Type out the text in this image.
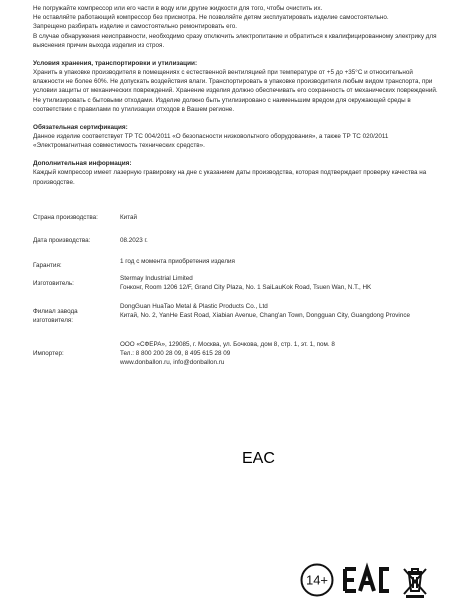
Не погружайте компрессор или его части в воду или другие жидкости для того, чтобы очистить их.

Не оставляйте работающий компрессор без присмотра. Не позволяйте детям эксплуатировать изделие самостоятельно.

Запрещено разбирать изделие и самостоятельно ремонтировать его.

В случае обнаружения неисправности, необходимо сразу отключить электропитание и обратиться к квалифицированному электрику для выяснения причин выхода изделия из строя.

Условия хранения, транспортировки и утилизации:

Хранить в упаковке производителя в помещениях с естественной вентиляцией при температуре от +5 до +35°С и относительной влажности не более 60%. Не допускать воздействия влаги. Транспортировать в упаковке производителя любым видом транспорта, при условии защиты от механических повреждений. Хранение изделия должно обеспечивать его сохранность от механических повреждений. Не утилизировать с бытовыми отходами. Изделие должно быть утилизировано с наименьшим вредом для окружающей среды в соответствии с правилами по утилизации отходов в Вашем регионе.

Обязательная сертификация:

Данное изделие соответствует ТР ТС 004/2011 «О безопасности низковольтного оборудования», а также ТР ТС 020/2011 «Электромагнитная совместимость технических средств».

Дополнительная информация:

Каждый компрессор имеет лазерную гравировку на дне с указанием даты производства, которая подтверждает проверку качества на производстве.

Страна производства:	Китай
Дата производства:	08.2023 г.
Гарантия:
1 год с момента приобретения изделия
Изготовитель:
Stermay Industrial Limited
Гонконг, Room 1206 12/F, Grand City Plaza, No. 1 SaiLauKok Road, Tsuen Wan, N.T., HK
Филиал завода
изготовителя:
DongGuan HuaTao Metal & Plastic Products Co., Ltd
Китай, No. 2, YanHe East Road, Xiabian Avenue, Chang'an Town, Dongguan City, Guangdong Province
Импортер:
ООО «СФЕРА», 129085, г. Москва, ул. Бочкова, дом 8, стр. 1, эт. 1, пом. 8
Тел.: 8 800 200 28 09, 8 495 615 28 09
www.donballon.ru, info@donballon.ru
14+
EAC
